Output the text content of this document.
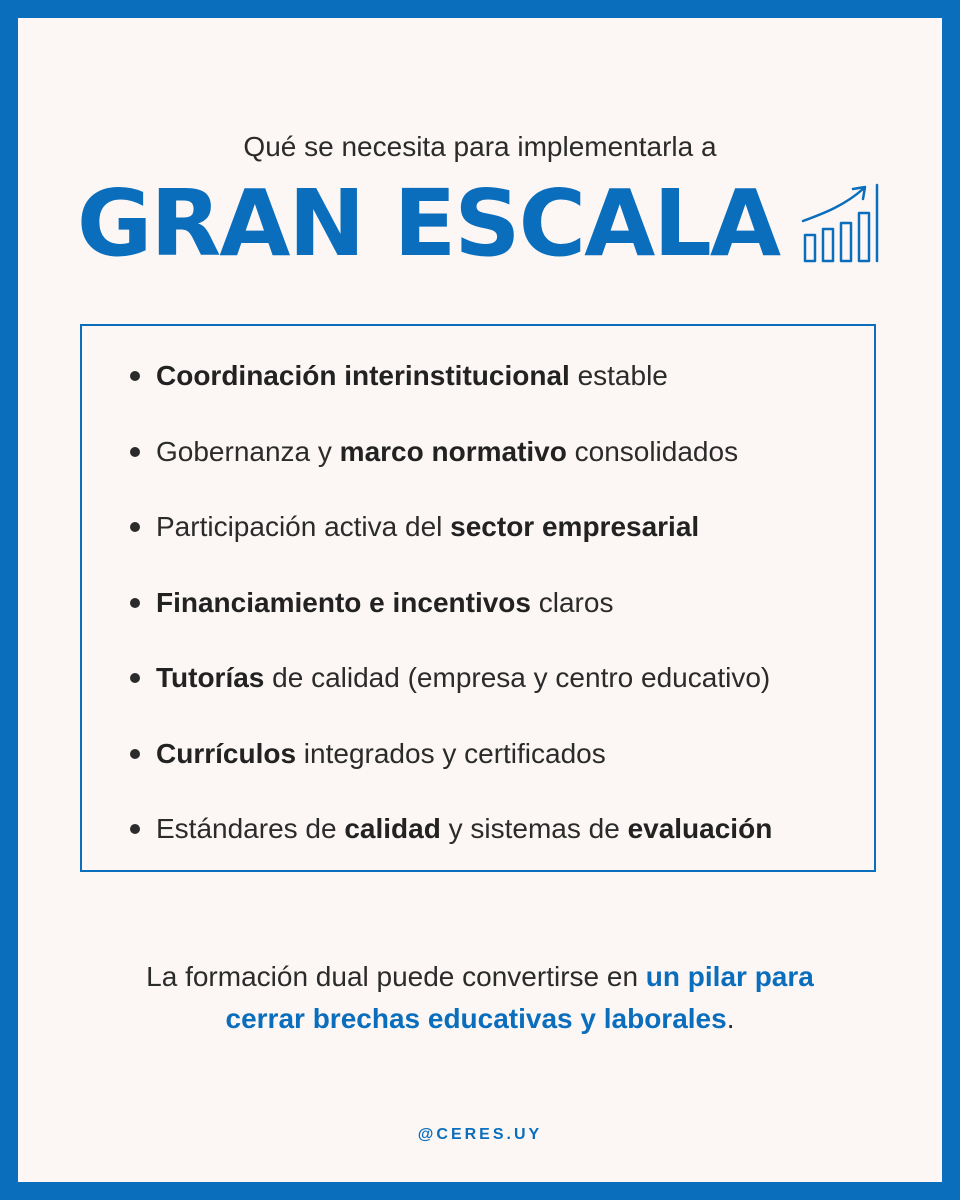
Qué se necesita para implementarla a
GRAN ESCALA
Coordinación interinstitucional estable
Gobernanza y marco normativo consolidados
Participación activa del sector empresarial
Financiamiento e incentivos claros
Tutorías de calidad (empresa y centro educativo)
Currículos integrados y certificados
Estándares de calidad y sistemas de evaluación
La formación dual puede convertirse en un pilar para
cerrar brechas educativas y laborales.
@CERES.UY
